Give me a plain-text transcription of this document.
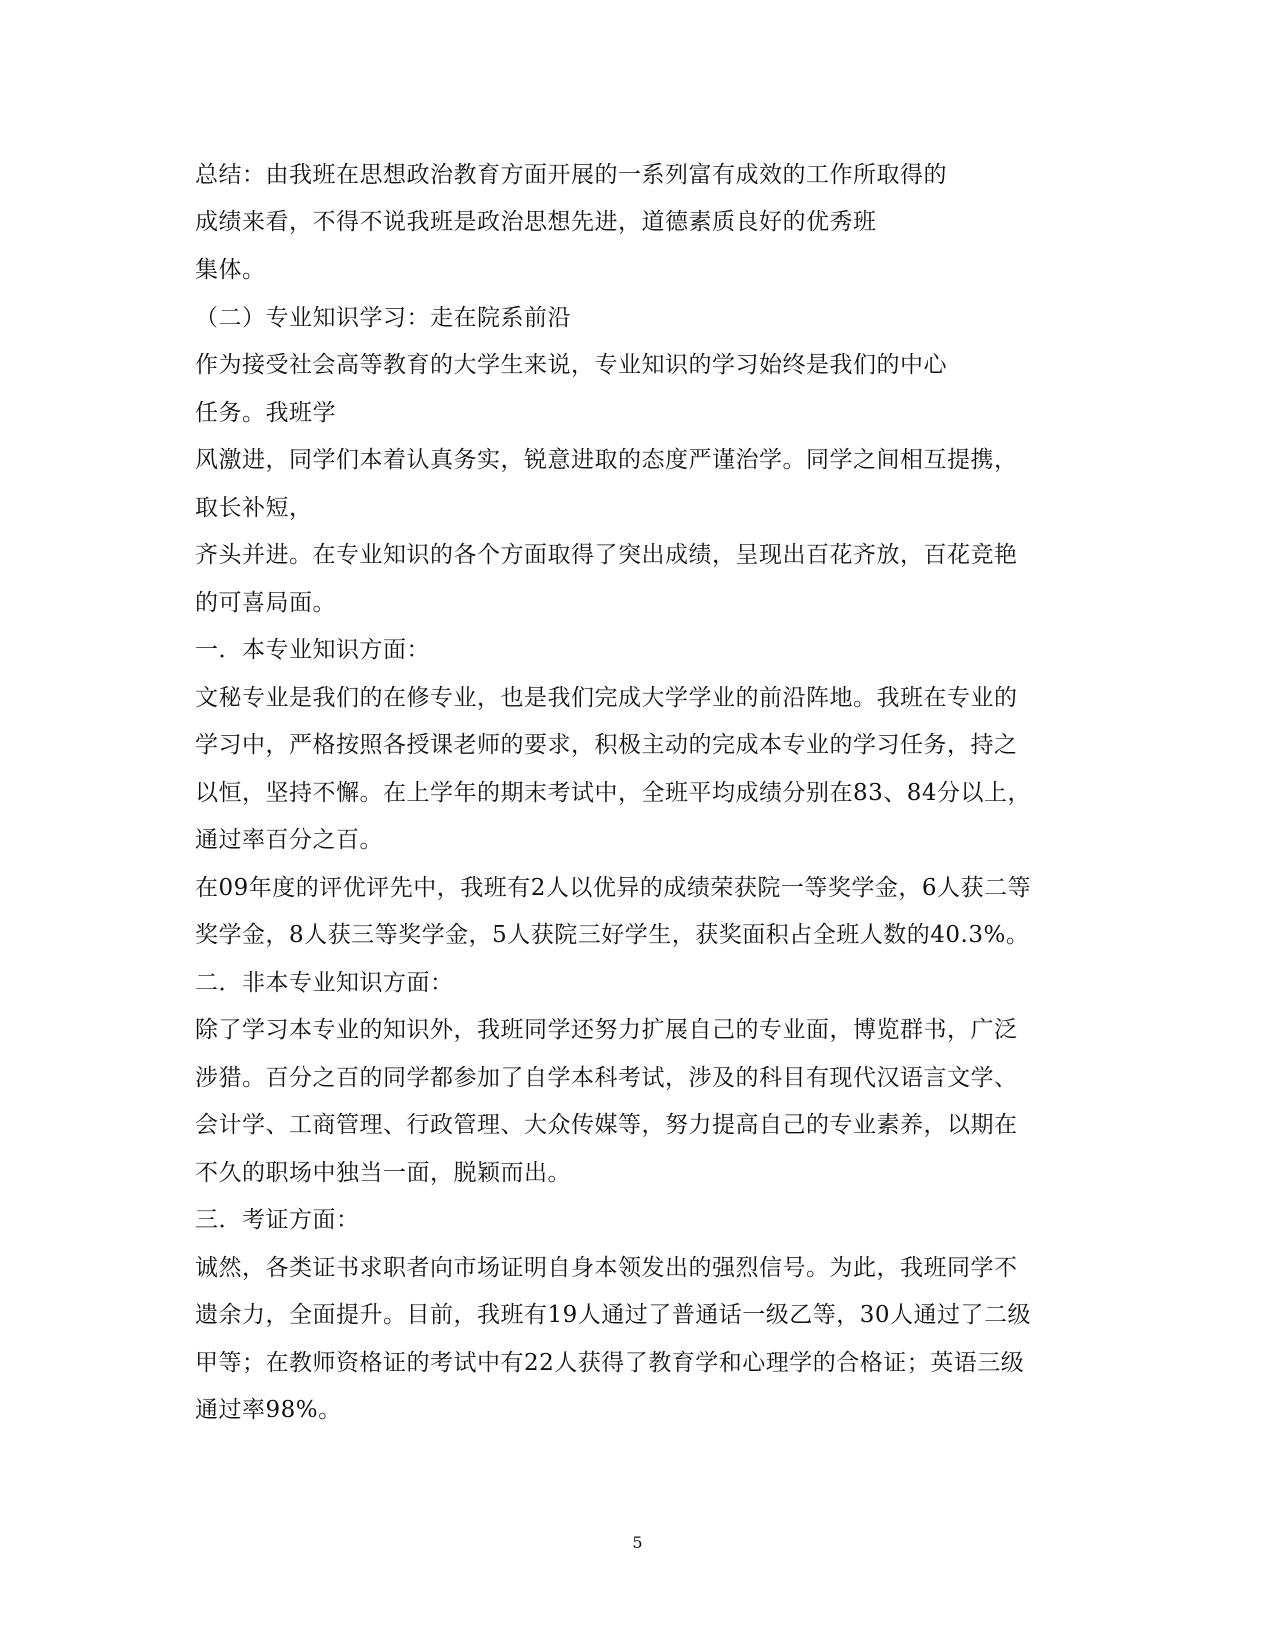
总结：由我班在思想政治教育方面开展的一系列富有成效的工作所取得的
成绩来看，不得不说我班是政治思想先进，道德素质良好的优秀班
集体。
（二）专业知识学习：走在院系前沿
作为接受社会高等教育的大学生来说，专业知识的学习始终是我们的中心
任务。我班学
风激进，同学们本着认真务实，锐意进取的态度严谨治学。同学之间相互提携，
取长补短，
齐头并进。在专业知识的各个方面取得了突出成绩，呈现出百花齐放，百花竞艳
的可喜局面。
一．本专业知识方面：
文秘专业是我们的在修专业，也是我们完成大学学业的前沿阵地。我班在专业的
学习中，严格按照各授课老师的要求，积极主动的完成本专业的学习任务，持之
以恒，坚持不懈。在上学年的期末考试中，全班平均成绩分别在83、84分以上，
通过率百分之百。
在09年度的评优评先中，我班有2人以优异的成绩荣获院一等奖学金，6人获二等
奖学金，8人获三等奖学金，5人获院三好学生，获奖面积占全班人数的40.3%。
二．非本专业知识方面：
除了学习本专业的知识外，我班同学还努力扩展自己的专业面，博览群书，广泛
涉猎。百分之百的同学都参加了自学本科考试，涉及的科目有现代汉语言文学、
会计学、工商管理、行政管理、大众传媒等，努力提高自己的专业素养，以期在
不久的职场中独当一面，脱颖而出。
三．考证方面：
诚然，各类证书求职者向市场证明自身本领发出的强烈信号。为此，我班同学不
遗余力，全面提升。目前，我班有19人通过了普通话一级乙等，30人通过了二级
甲等；在教师资格证的考试中有22人获得了教育学和心理学的合格证；英语三级
通过率98%。
5
